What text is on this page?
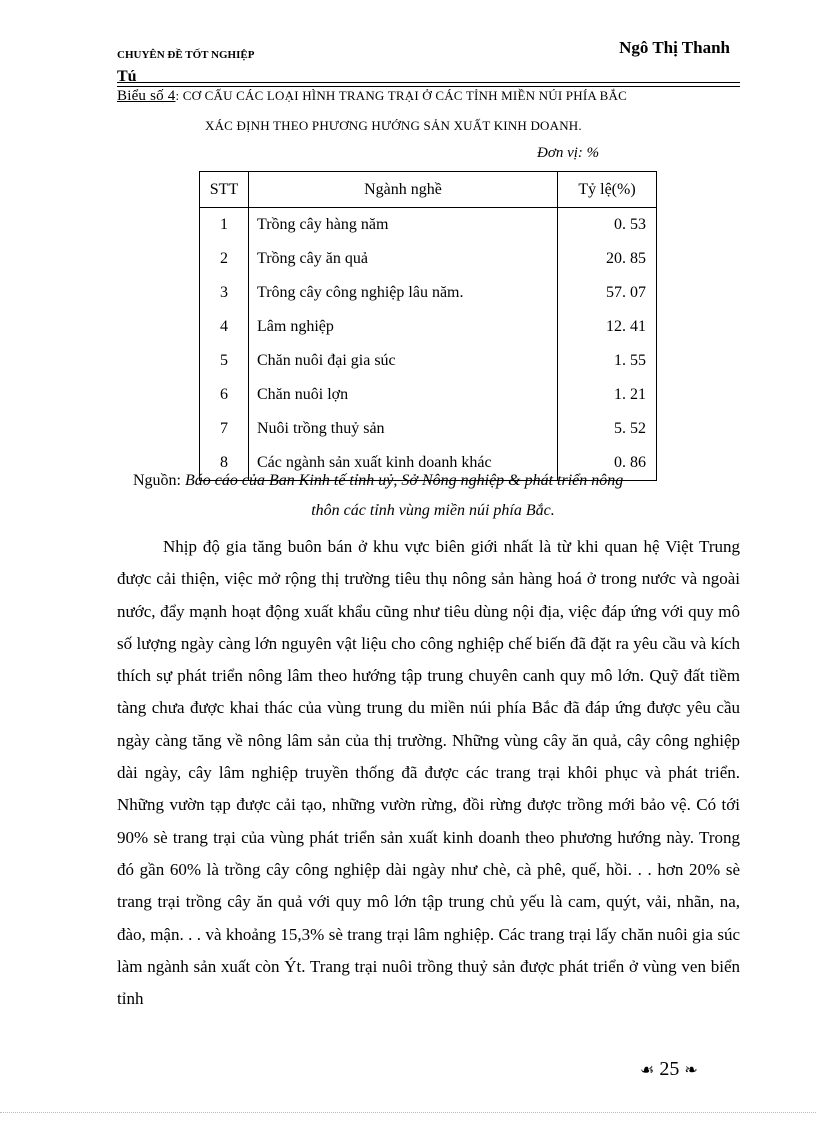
CHUYÊN ĐỀ TỐT NGHIỆP
Tú
Ngô Thị Thanh
Biểu số 4: CƠ CẤU CÁC LOẠI HÌNH TRANG TRẠI Ở CÁC TỈNH MIỀN NÚI PHÍA BẮC
XÁC ĐỊNH THEO PHƯƠNG HƯỚNG SẢN XUẤT KINH DOANH.
Đơn vị: %
STT	Ngành nghề	Tỷ lệ(%)
1	Trồng cây hàng năm	0. 53
2	Trồng cây ăn quả	20. 85
3	Trông cây công nghiệp lâu năm.	57. 07
4	Lâm nghiệp	12. 41
5	Chăn nuôi đại gia súc	1. 55
6	Chăn nuôi lợn	1. 21
7	Nuôi trồng thuỷ sản	5. 52
8	Các ngành sản xuất kinh doanh khác	0. 86
Nguồn: Báo cáo của Ban Kinh tế tỉnh uỷ, Sở Nông nghiệp & phát triển nông
thôn các tỉnh vùng miền núi phía Bắc.

Nhịp độ gia tăng buôn bán ở khu vực biên giới nhất là từ khi quan hệ Việt Trung được cải thiện, việc mở rộng thị trường tiêu thụ nông sản hàng hoá ở trong nước và ngoài nước, đẩy mạnh hoạt động xuất khẩu cũng như tiêu dùng nội địa, việc đáp ứng với quy mô số lượng ngày càng lớn nguyên vật liệu cho công nghiệp chế biến đã đặt ra yêu cầu và kích thích sự phát triển nông lâm theo hướng tập trung chuyên canh quy mô lớn. Quỹ đất tiềm tàng chưa được khai thác của vùng trung du miền núi phía Bắc đã đáp ứng được yêu cầu ngày càng tăng về nông lâm sản của thị trường. Những vùng cây ăn quả, cây công nghiệp dài ngày, cây lâm nghiệp truyền thống đã được các trang trại khôi phục và phát triển. Những vườn tạp được cải tạo, những vườn rừng, đồi rừng được trồng mới bảo vệ. Có tới 90% sè trang trại của vùng phát triển sản xuất kinh doanh theo phương hướng này. Trong đó gần 60% là trồng cây công nghiệp dài ngày như chè, cà phê, quế, hồi. . . hơn 20% sè trang trại trồng cây ăn quả với quy mô lớn tập trung chủ yếu là cam, quýt, vải, nhãn, na, đào, mận. . . và khoảng 15,3% sè trang trại lâm nghiệp. Các trang trại lấy chăn nuôi gia súc làm ngành sản xuất còn Ýt. Trang trại nuôi trồng thuỷ sản được phát triển ở vùng ven biển tỉnh

☙ 25 ❧
